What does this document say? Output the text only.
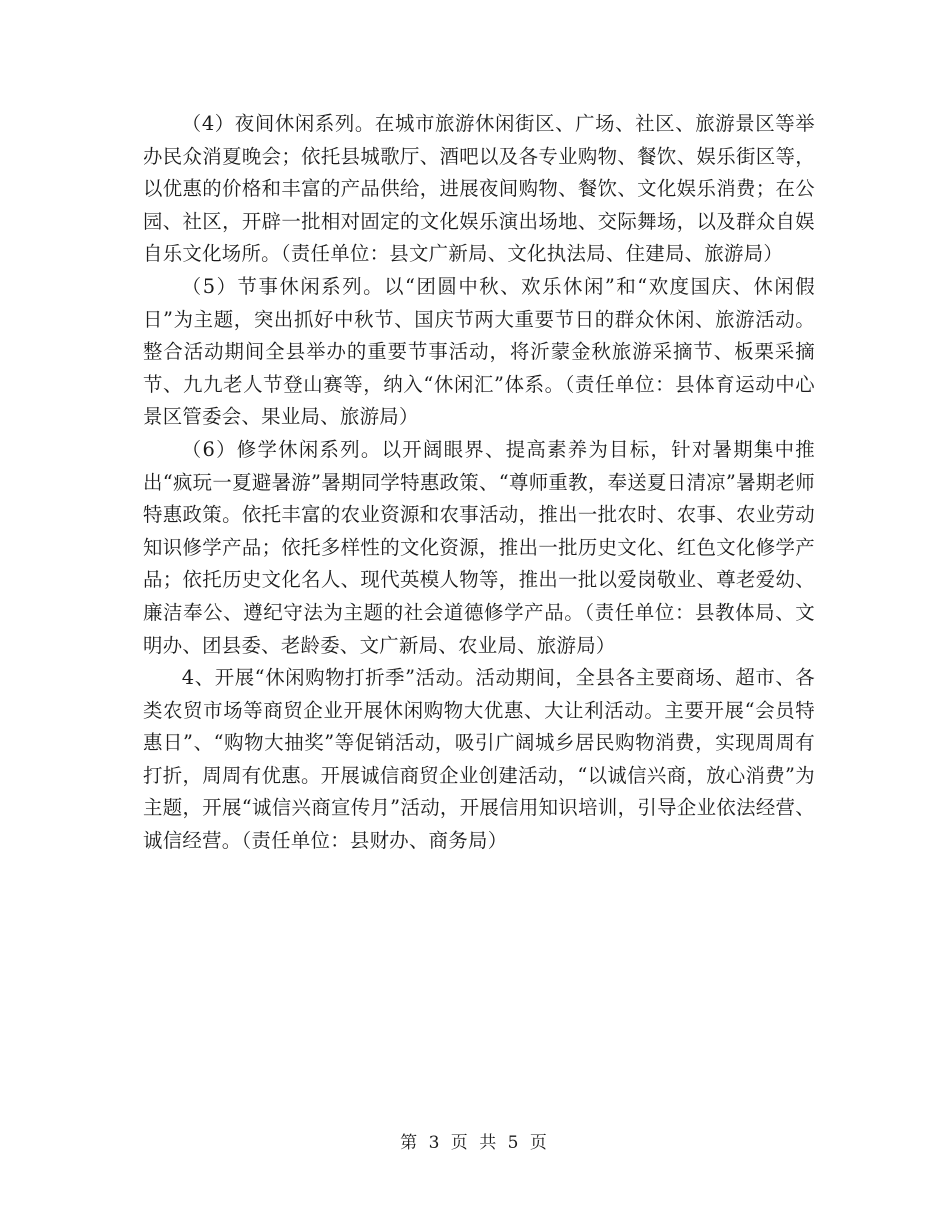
（4）夜间休闲系列。在城市旅游休闲街区、广场、社区、旅游景区等举办民众消夏晚会；依托县城歌厅、酒吧以及各专业购物、餐饮、娱乐街区等，以优惠的价格和丰富的产品供给，进展夜间购物、餐饮、文化娱乐消费；在公园、社区，开辟一批相对固定的文化娱乐演出场地、交际舞场，以及群众自娱自乐文化场所。（责任单位：县文广新局、文化执法局、住建局、旅游局）

（5）节事休闲系列。以“团圆中秋、欢乐休闲”和“欢度国庆、休闲假日”为主题，突出抓好中秋节、国庆节两大重要节日的群众休闲、旅游活动。整合活动期间全县举办的重要节事活动，将沂蒙金秋旅游采摘节、板栗采摘节、九九老人节登山赛等，纳入“休闲汇”体系。（责任单位：县体育运动中心景区管委会、果业局、旅游局）

（6）修学休闲系列。以开阔眼界、提高素养为目标，针对暑期集中推出“疯玩一夏避暑游”暑期同学特惠政策、“尊师重教，奉送夏日清凉”暑期老师特惠政策。依托丰富的农业资源和农事活动，推出一批农时、农事、农业劳动知识修学产品；依托多样性的文化资源，推出一批历史文化、红色文化修学产品；依托历史文化名人、现代英模人物等，推出一批以爱岗敬业、尊老爱幼、廉洁奉公、遵纪守法为主题的社会道德修学产品。（责任单位：县教体局、文明办、团县委、老龄委、文广新局、农业局、旅游局）

4、开展“休闲购物打折季”活动。活动期间，全县各主要商场、超市、各类农贸市场等商贸企业开展休闲购物大优惠、大让利活动。主要开展“会员特惠日”、“购物大抽奖”等促销活动，吸引广阔城乡居民购物消费，实现周周有打折，周周有优惠。开展诚信商贸企业创建活动，“以诚信兴商，放心消费”为主题，开展“诚信兴商宣传月”活动，开展信用知识培训，引导企业依法经营、诚信经营。（责任单位：县财办、商务局）

第 3 页 共 5 页
